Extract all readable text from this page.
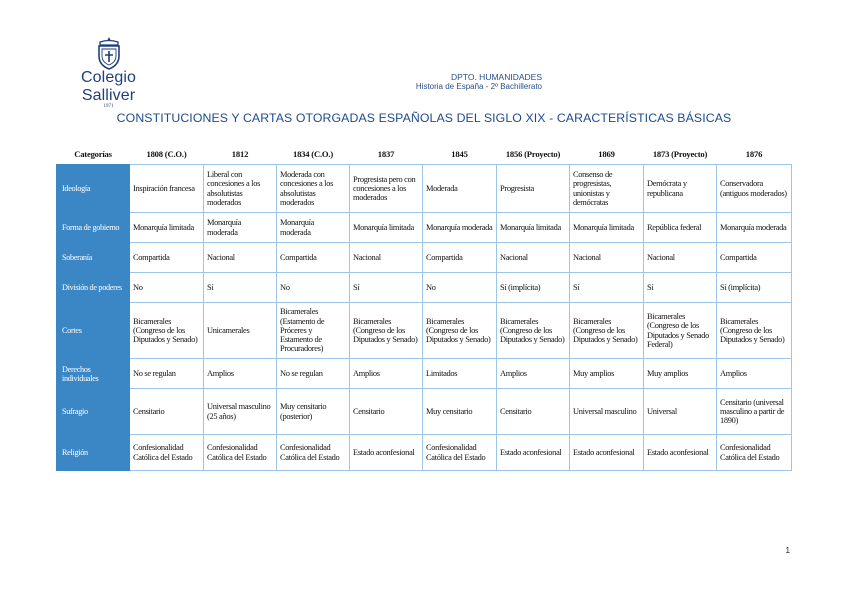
Colegio Salliver
1971
DPTO. HUMANIDADES
Historia de España - 2º Bachillerato
CONSTITUCIONES Y CARTAS OTORGADAS ESPAÑOLAS DEL SIGLO XIX - CARACTERÍSTICAS BÁSICAS
Categorías	1808 (C.O.)	1812	1834 (C.O.)	1837	1845	1856 (Proyecto)	1869	1873 (Proyecto)	1876
Ideología	Inspiración francesa	Liberal con concesiones a los absolutistas moderados	Moderada con concesiones a los absolutistas moderados	Progresista pero con concesiones a los moderados	Moderada	Progresista	Consenso de progresistas, unionistas y demócratas	Demócrata y republicana	Conservadora (antiguos moderados)
Forma de gobierno	Monarquía limitada	Monarquía moderada	Monarquía moderada	Monarquía limitada	Monarquía moderada	Monarquía limitada	Monarquía limitada	República federal	Monarquía moderada
Soberanía	Compartida	Nacional	Compartida	Nacional	Compartida	Nacional	Nacional	Nacional	Compartida
División de poderes	No	Sí	No	Sí	No	Sí (implícita)	Sí	Sí	Sí (implícita)
Cortes	Bicamerales (Congreso de los Diputados y Senado)	Unicamerales	Bicamerales (Estamento de Próceres y Estamento de Procuradores)	Bicamerales (Congreso de los Diputados y Senado)	Bicamerales (Congreso de los Diputados y Senado)	Bicamerales (Congreso de los Diputados y Senado)	Bicamerales (Congreso de los Diputados y Senado)	Bicamerales (Congreso de los Diputados y Senado Federal)	Bicamerales (Congreso de los Diputados y Senado)
Derechos individuales	No se regulan	Amplios	No se regulan	Amplios	Limitados	Amplios	Muy amplios	Muy amplios	Amplios
Sufragio	Censitario	Universal masculino (25 años)	Muy censitario (posterior)	Censitario	Muy censitario	Censitario	Universal masculino	Universal	Censitario (universal masculino a partir de 1890)
Religión	Confesionalidad Católica del Estado	Confesionalidad Católica del Estado	Confesionalidad Católica del Estado	Estado aconfesional	Confesionalidad Católica del Estado	Estado aconfesional	Estado aconfesional	Estado aconfesional	Confesionalidad Católica del Estado
1
